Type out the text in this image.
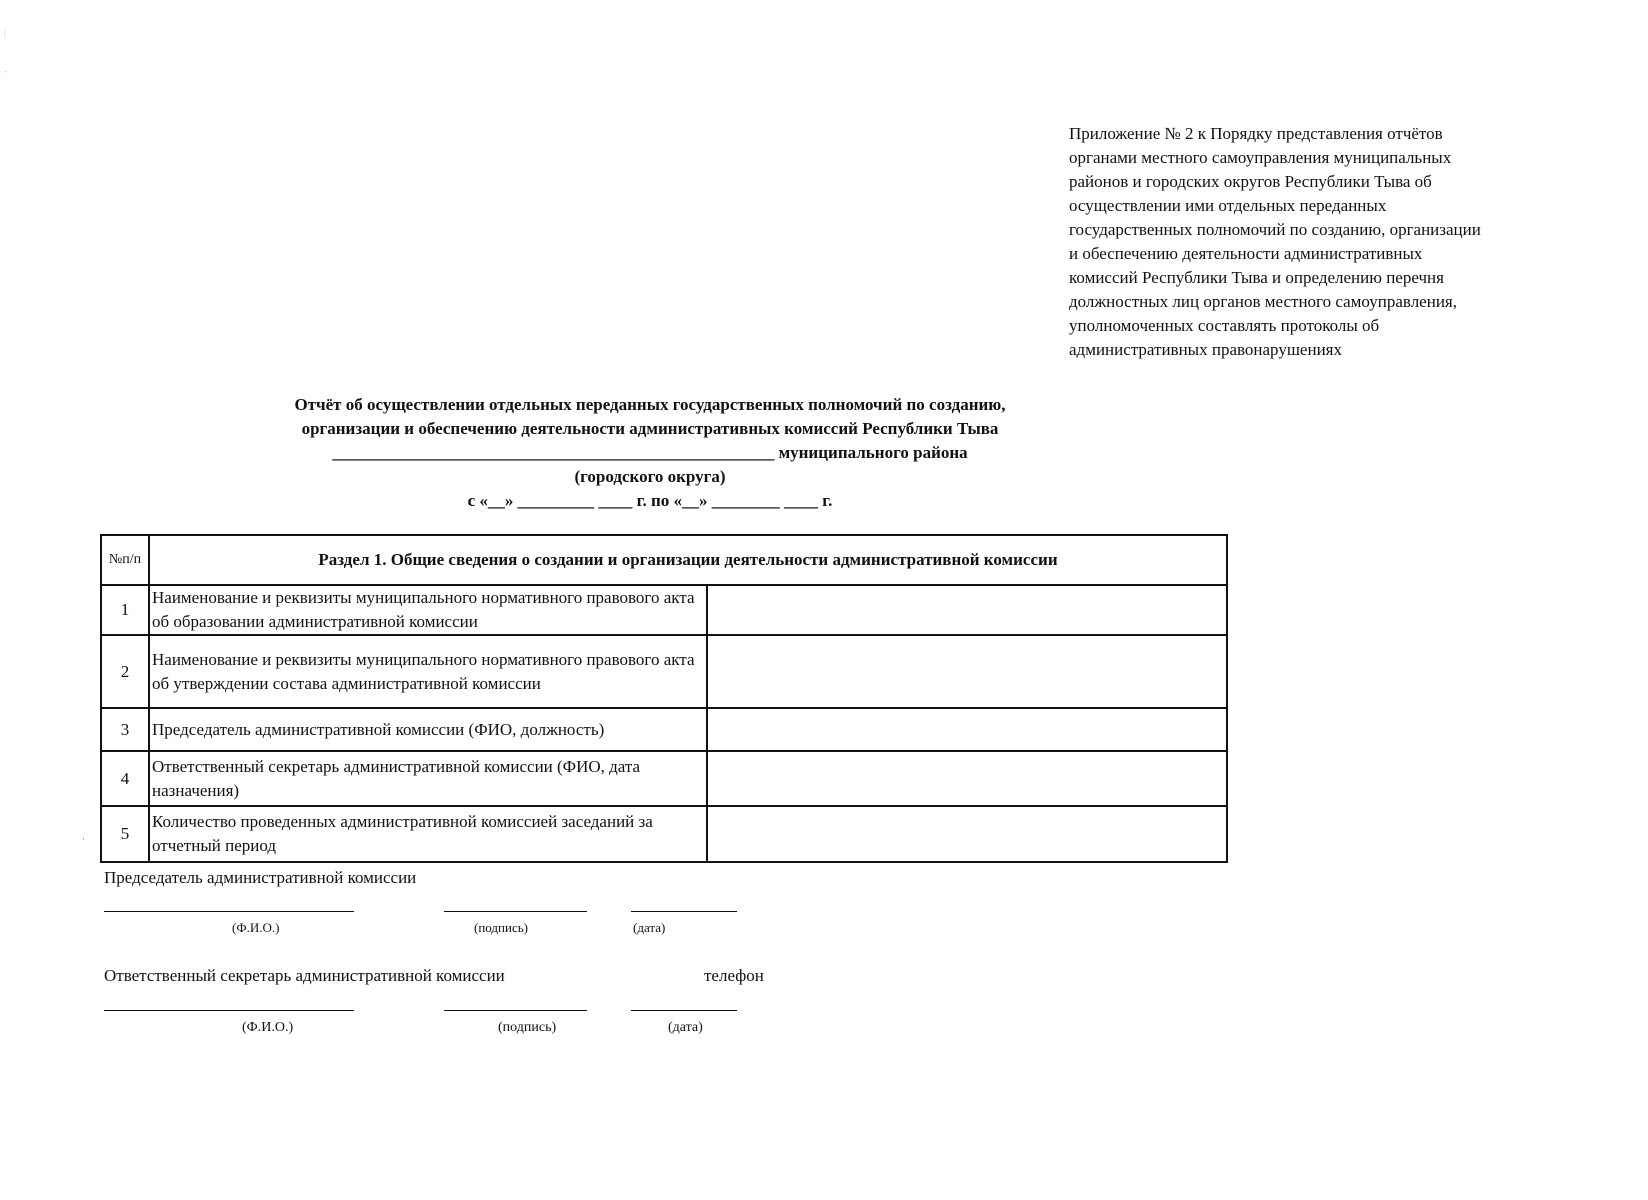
|
-
·
Приложение № 2 к Порядку представления отчётов
органами местного самоуправления муниципальных
районов и городских округов Республики Тыва об
осуществлении ими отдельных переданных
государственных полномочий по созданию, организации
и обеспечению деятельности административных
комиссий Республики Тыва и определению перечня
должностных лиц органов местного самоуправления,
уполномоченных составлять протоколы об
административных правонарушениях
Отчёт об осуществлении отдельных переданных государственных полномочий по созданию,
организации и обеспечению деятельности административных комиссий Республики Тыва
____________________________________________________ муниципального района
(городского округа)
с «__» _________ ____ г. по «__» ________ ____ г.
№п/п	Раздел 1. Общие сведения о создании и организации деятельности административной комиссии	
1	Наименование и реквизиты муниципального нормативного правового акта об образовании административной комиссии	
2	Наименование и реквизиты муниципального нормативного правового акта об утверждении состава административной комиссии	
3	Председатель административной комиссии (ФИО, должность)	
4	Ответственный секретарь административной комиссии (ФИО, дата назначения)	
5	Количество проведенных административной комиссией заседаний за отчетный период	
Председатель административной комиссии
(Ф.И.О.)	(подпись)	(дата)
Ответственный секретарь административной комиссии	телефон
(Ф.И.О.)	(подпись)	(дата)
